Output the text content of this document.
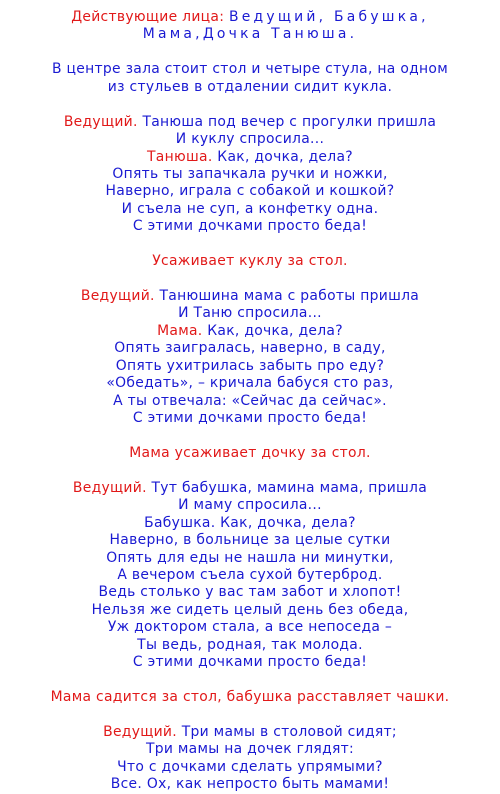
Действующие лица: Ведущий, Бабушка,
Мама,Дочка Танюша.
В центре зала стоит стол и четыре стула, на одном
из стульев в отдалении сидит кукла.
Ведущий. Танюша под вечер с прогулки пришла
И куклу спросила...
Танюша. Как, дочка, дела?
Опять ты запачкала ручки и ножки,
Наверно, играла с собакой и кошкой?
И съела не суп, а конфетку одна.
С этими дочками просто беда!
Усаживает куклу за стол.
Ведущий. Танюшина мама с работы пришла
И Таню спросила...
Мама. Как, дочка, дела?
Опять заигралась, наверно, в саду,
Опять ухитрилась забыть про еду?
«Обедать», – кричала бабуся сто раз,
А ты отвечала: «Сейчас да сейчас».
С этими дочками просто беда!
Мама усаживает дочку за стол.
Ведущий. Тут бабушка, мамина мама, пришла
И маму спросила...
Бабушка. Как, дочка, дела?
Наверно, в больнице за целые сутки
Опять для еды не нашла ни минутки,
А вечером съела сухой бутерброд.
Ведь столько у вас там забот и хлопот!
Нельзя же сидеть целый день без обеда,
Уж доктором стала, а все непоседа –
Ты ведь, родная, так молода.
С этими дочками просто беда!
Мама садится за стол, бабушка расставляет чашки.
Ведущий. Три мамы в столовой сидят;
Три мамы на дочек глядят:
Что с дочками сделать упрямыми?
Все. Ох, как непросто быть мамами!
